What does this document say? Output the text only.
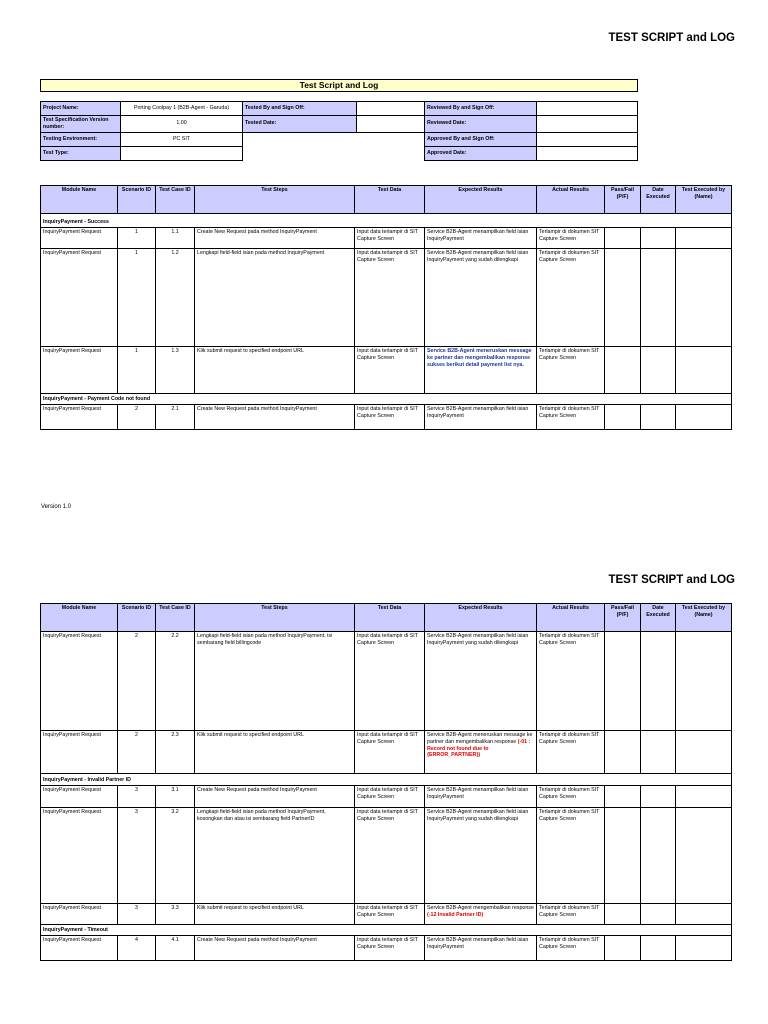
TEST SCRIPT and LOG
Test Script and Log
Project Name:	Porting Coolpay 1 (B2B-Agent - Garuda)	Tested By and Sign Off:		Reviewed By and Sign Off:	
Test Specification Version number:	1.00	Tested Date:		Reviewed Date:	
Testing Environment:	PC SIT			Approved By and Sign Off:	
Test Type:				Approved Date:	
Module Name	Scenario ID	Test Case ID	Test Steps	Test Data	Expected Results	Actual Results	Pass/Fail (P/F)	Date Executed	Test Executed by (Name)
InquiryPayment - Success									
InquiryPayment Request	1	1.1	Create New Request pada method InquiryPayment	Input data terlampir di SIT Capture Screen	Service B2B-Agent menampilkan field isian InquiryPayment	Terlampir di dokumen SIT Capture Screen			
InquiryPayment Request	1	1.2	Lengkapi field-field isian pada method InquiryPayment	Input data terlampir di SIT Capture Screen	Service B2B-Agent menampilkan field isian InquiryPayment yang sudah dilengkapi	Terlampir di dokumen SIT Capture Screen			
InquiryPayment Request	1	1.3	Klik submit request to specified endpoint URL	Input data terlampir di SIT Capture Screen	Service B2B-Agent meneruskan message ke partner dan mengembalikan response sukses berikut detail payment list nya.	Terlampir di dokumen SIT Capture Screen			
InquiryPayment - Payment Code not found									
InquiryPayment Request	2	2.1	Create New Request pada method InquiryPayment	Input data terlampir di SIT Capture Screen	Service B2B-Agent menampilkan field isian InquiryPayment	Terlampir di dokumen SIT Capture Screen			
Version 1.0
TEST SCRIPT and LOG
Module Name	Scenario ID	Test Case ID	Test Steps	Test Data	Expected Results	Actual Results	Pass/Fail (P/F)	Date Executed	Test Executed by (Name)
InquiryPayment Request	2	2.2	Lengkapi field-field isian pada method InquiryPayment, isi sembarang field billingcode	Input data terlampir di SIT Capture Screen	Service B2B-Agent menampilkan field isian InquiryPayment yang sudah dilengkapi	Terlampir di dokumen SIT Capture Screen			
InquiryPayment Request	2	2.3	Klik submit request to specified endpoint URL	Input data terlampir di SIT Capture Screen	Service B2B-Agent meneruskan message ke partner dan mengembalikan response (-01 : Record not found due to {ERROR_PARTNER})	Terlampir di dokumen SIT Capture Screen			
InquiryPayment - Invalid Partner ID									
InquiryPayment Request	3	3.1	Create New Request pada method InquiryPayment	Input data terlampir di SIT Capture Screen	Service B2B-Agent menampilkan field isian InquiryPayment	Terlampir di dokumen SIT Capture Screen			
InquiryPayment Request	3	3.2	Lengkapi field-field isian pada method InquiryPayment, kosongkan dan atau isi sembarang field PartnerID	Input data terlampir di SIT Capture Screen	Service B2B-Agent menampilkan field isian InquiryPayment yang sudah dilengkapi	Terlampir di dokumen SIT Capture Screen			
InquiryPayment Request	3	3.3	Klik submit request to specified endpoint URL	Input data terlampir di SIT Capture Screen	Service B2B-Agent mengembalikan response (-12 Invalid Partner ID)	Terlampir di dokumen SIT Capture Screen			
InquiryPayment - Timeout									
InquiryPayment Request	4	4.1	Create New Request pada method InquiryPayment	Input data terlampir di SIT Capture Screen	Service B2B-Agent menampilkan field isian InquiryPayment	Terlampir di dokumen SIT Capture Screen			
